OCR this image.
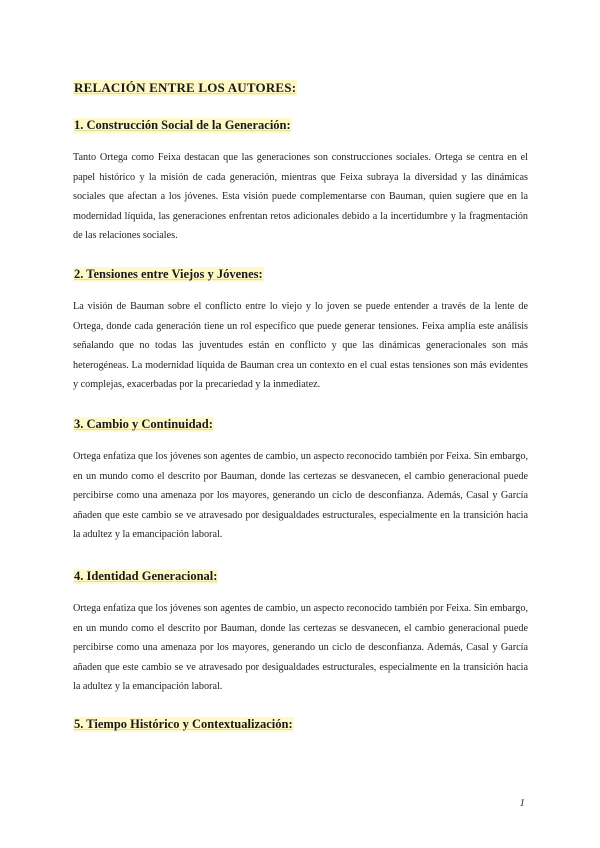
RELACIÓN ENTRE LOS AUTORES:
1. Construcción Social de la Generación:

Tanto Ortega como Feixa destacan que las generaciones son construcciones sociales. Ortega se centra en el papel histórico y la misión de cada generación, mientras que Feixa subraya la diversidad y las dinámicas sociales que afectan a los jóvenes. Esta visión puede complementarse con Bauman, quien sugiere que en la modernidad líquida, las generaciones enfrentan retos adicionales debido a la incertidumbre y la fragmentación de las relaciones sociales.

2. Tensiones entre Viejos y Jóvenes:

La visión de Bauman sobre el conflicto entre lo viejo y lo joven se puede entender a través de la lente de Ortega, donde cada generación tiene un rol específico que puede generar tensiones. Feixa amplía este análisis señalando que no todas las juventudes están en conflicto y que las dinámicas generacionales son más heterogéneas. La modernidad líquida de Bauman crea un contexto en el cual estas tensiones son más evidentes y complejas, exacerbadas por la precariedad y la inmediatez.

3. Cambio y Continuidad:

Ortega enfatiza que los jóvenes son agentes de cambio, un aspecto reconocido también por Feixa. Sin embargo, en un mundo como el descrito por Bauman, donde las certezas se desvanecen, el cambio generacional puede percibirse como una amenaza por los mayores, generando un ciclo de desconfianza. Además, Casal y García añaden que este cambio se ve atravesado por desigualdades estructurales, especialmente en la transición hacia la adultez y la emancipación laboral.

4. Identidad Generacional:

Ortega enfatiza que los jóvenes son agentes de cambio, un aspecto reconocido también por Feixa. Sin embargo, en un mundo como el descrito por Bauman, donde las certezas se desvanecen, el cambio generacional puede percibirse como una amenaza por los mayores, generando un ciclo de desconfianza. Además, Casal y García añaden que este cambio se ve atravesado por desigualdades estructurales, especialmente en la transición hacia la adultez y la emancipación laboral.

5. Tiempo Histórico y Contextualización:
1
